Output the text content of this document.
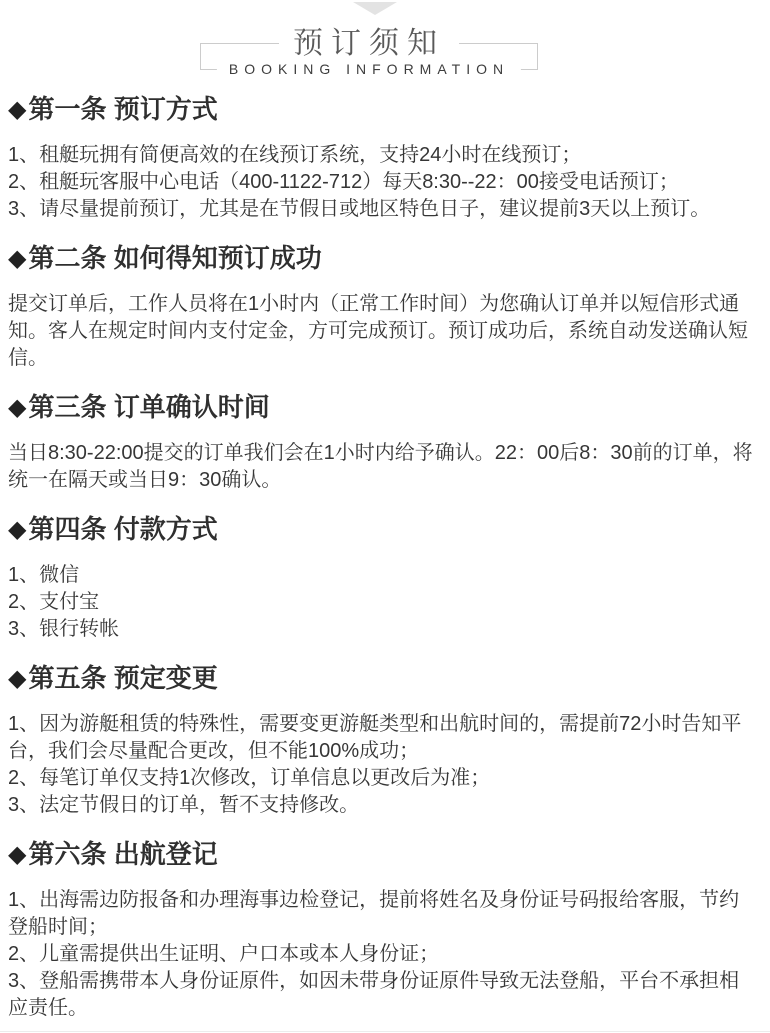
预订须知
BOOKING INFORMATION
◆ 第一条 预订方式

1、租艇玩拥有简便高效的在线预订系统，支持24小时在线预订；

2、租艇玩客服中心电话（400-1122-712）每天8:30--22：00接受电话预订；

3、请尽量提前预订，尤其是在节假日或地区特色日子，建议提前3天以上预订。

◆ 第二条 如何得知预订成功

提交订单后，工作人员将在1小时内（正常工作时间）为您确认订单并以短信形式通知。客人在规定时间内支付定金，方可完成预订。预订成功后，系统自动发送确认短信。

◆ 第三条 订单确认时间

当日8:30-22:00提交的订单我们会在1小时内给予确认。22：00后8：30前的订单，将统一在隔天或当日9：30确认。

◆ 第四条 付款方式

1、微信

2、支付宝

3、银行转帐

◆ 第五条 预定变更

1、因为游艇租赁的特殊性，需要变更游艇类型和出航时间的，需提前72小时告知平台，我们会尽量配合更改，但不能100%成功；

2、每笔订单仅支持1次修改，订单信息以更改后为准；

3、法定节假日的订单，暂不支持修改。

◆ 第六条 出航登记

1、出海需边防报备和办理海事边检登记，提前将姓名及身份证号码报给客服，节约登船时间；

2、儿童需提供出生证明、户口本或本人身份证；

3、登船需携带本人身份证原件，如因未带身份证原件导致无法登船，平台不承担相应责任。
